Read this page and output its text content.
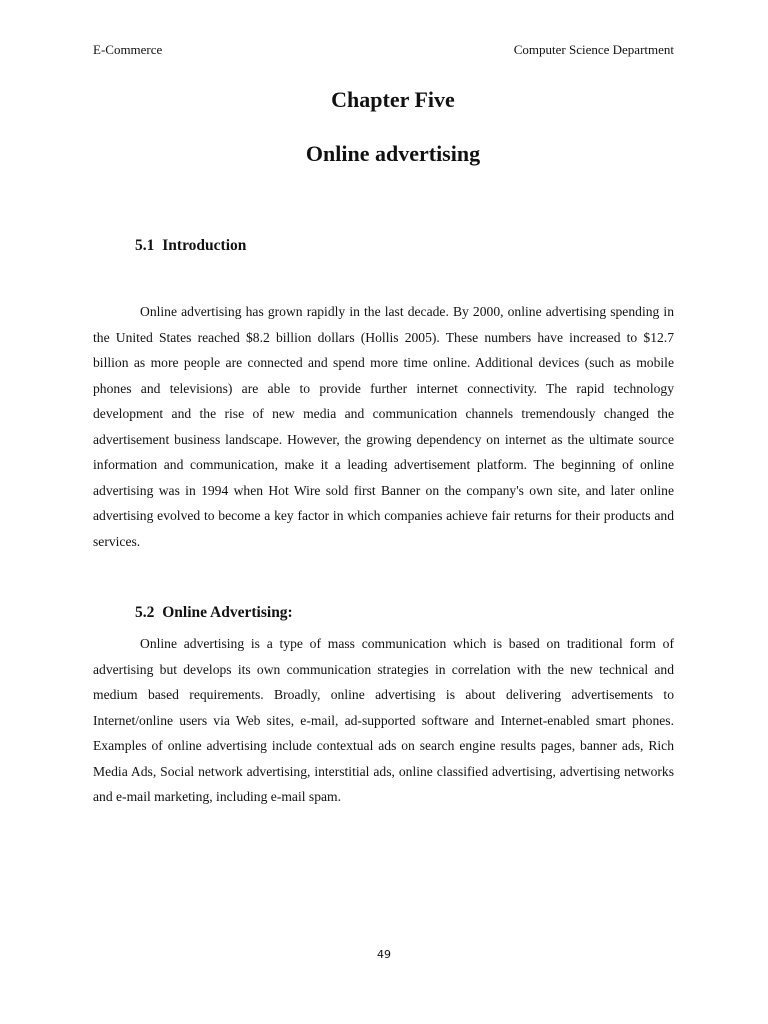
E-Commerce	Computer Science Department
Chapter Five
Online advertising
5.1 Introduction

Online advertising has grown rapidly in the last decade. By 2000, online advertising spending in the United States reached $8.2 billion dollars (Hollis 2005). These numbers have increased to $12.7 billion as more people are connected and spend more time online. Additional devices (such as mobile phones and televisions) are able to provide further internet connectivity. The rapid technology development and the rise of new media and communication channels tremendously changed the advertisement business landscape. However, the growing dependency on internet as the ultimate source information and communication, make it a leading advertisement platform. The beginning of online advertising was in 1994 when Hot Wire sold first Banner on the company's own site, and later online advertising evolved to become a key factor in which companies achieve fair returns for their products and services.

5.2 Online Advertising:

Online advertising is a type of mass communication which is based on traditional form of advertising but develops its own communication strategies in correlation with the new technical and medium based requirements. Broadly, online advertising is about delivering advertisements to Internet/online users via Web sites, e-mail, ad-supported software and Internet-enabled smart phones. Examples of online advertising include contextual ads on search engine results pages, banner ads, Rich Media Ads, Social network advertising, interstitial ads, online classified advertising, advertising networks and e-mail marketing, including e-mail spam.

49
